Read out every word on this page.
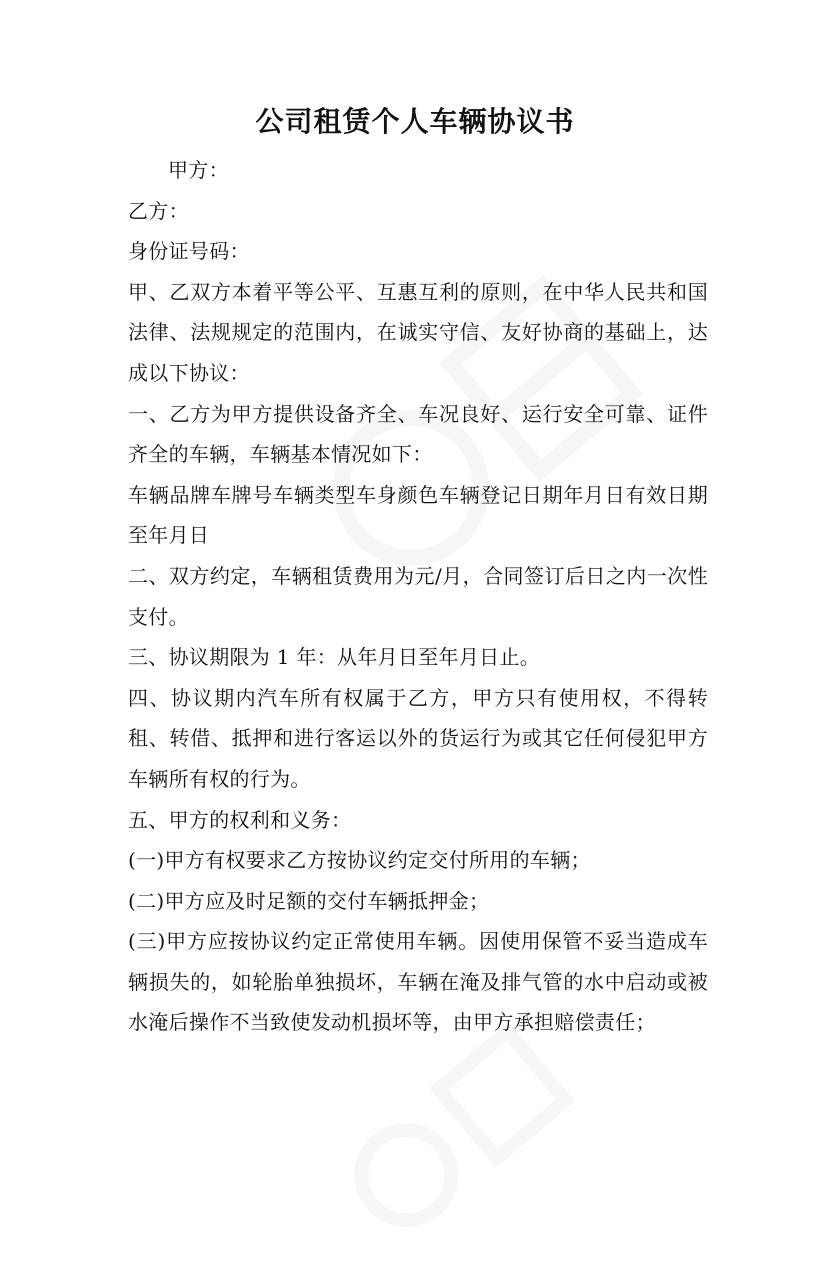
公司租赁个人车辆协议书

甲方：

乙方：

身份证号码：

甲、乙双方本着平等公平、互惠互利的原则，在中华人民共和国法律、法规规定的范围内，在诚实守信、友好协商的基础上，达成以下协议：

一、乙方为甲方提供设备齐全、车况良好、运行安全可靠、证件齐全的车辆，车辆基本情况如下：

车辆品牌车牌号车辆类型车身颜色车辆登记日期年月日有效日期至年月日

二、双方约定，车辆租赁费用为元/月，合同签订后日之内一次性支付。

三、协议期限为 1 年：从年月日至年月日止。

四、协议期内汽车所有权属于乙方，甲方只有使用权，不得转租、转借、抵押和进行客运以外的货运行为或其它任何侵犯甲方车辆所有权的行为。

五、甲方的权利和义务：

(一)甲方有权要求乙方按协议约定交付所用的车辆；

(二)甲方应及时足额的交付车辆抵押金；

(三)甲方应按协议约定正常使用车辆。因使用保管不妥当造成车辆损失的，如轮胎单独损坏，车辆在淹及排气管的水中启动或被水淹后操作不当致使发动机损坏等，由甲方承担赔偿责任；
